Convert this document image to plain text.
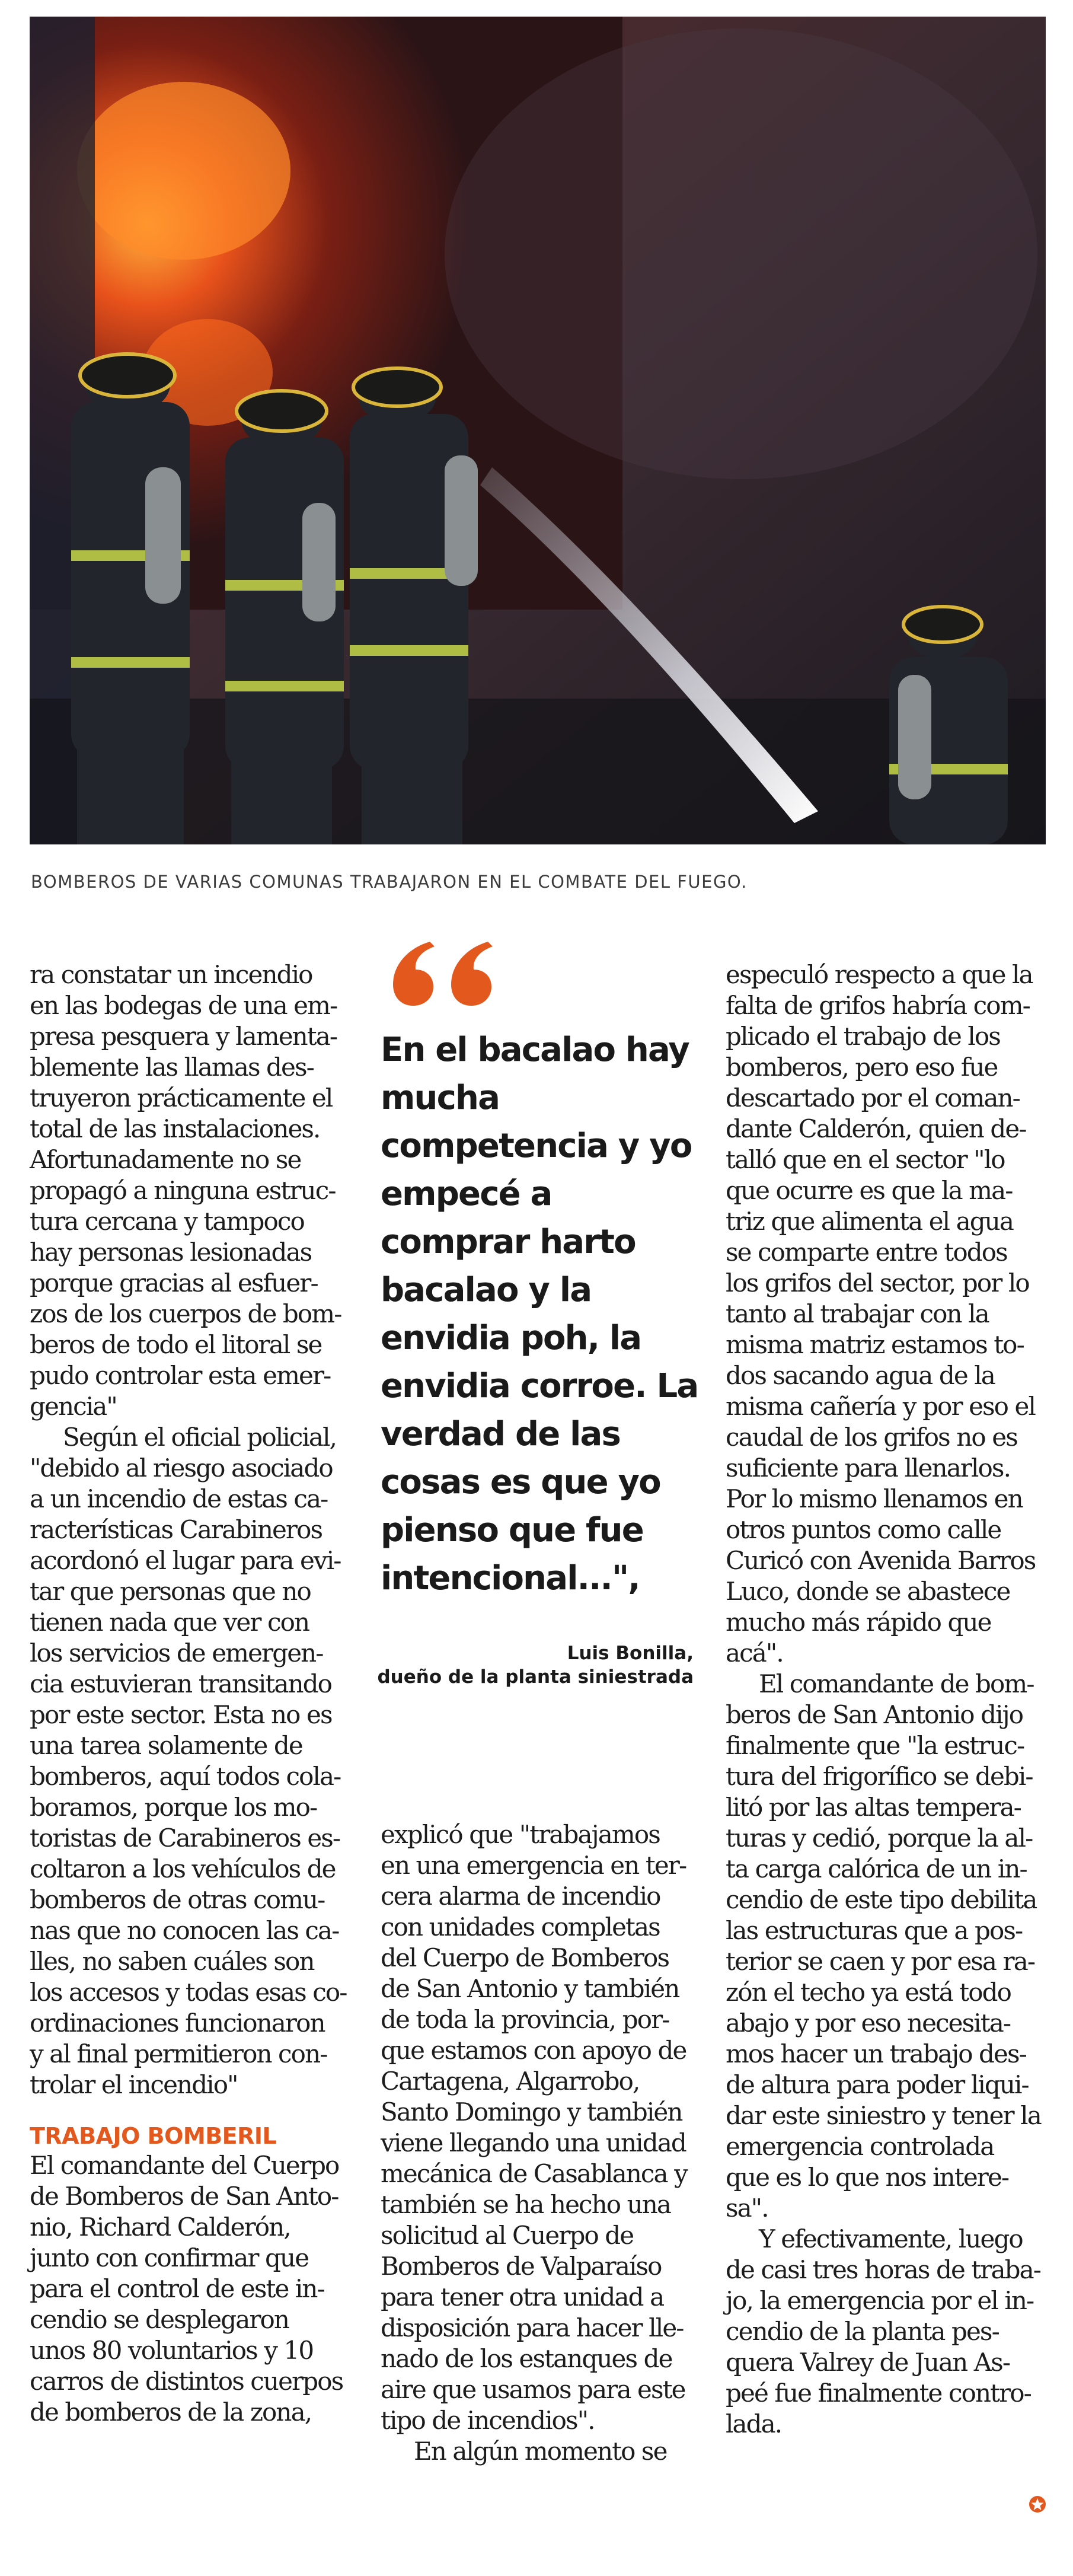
BOMBEROS DE VARIAS COMUNAS TRABAJARON EN EL COMBATE DEL FUEGO.

ra constatar un incendio
en las bodegas de una em-
presa pesquera y lamenta-
blemente las llamas des-
truyeron prácticamente el
total de las instalaciones.
Afortunadamente no se
propagó a ninguna estruc-
tura cercana y tampoco
hay personas lesionadas
porque gracias al esfuer-
zos de los cuerpos de bom-
beros de todo el litoral se
pudo controlar esta emer-
gencia"

Según el oficial policial,
"debido al riesgo asociado
a un incendio de estas ca-
racterísticas Carabineros
acordonó el lugar para evi-
tar que personas que no
tienen nada que ver con
los servicios de emergen-
cia estuvieran transitando
por este sector. Esta no es
una tarea solamente de
bomberos, aquí todos cola-
boramos, porque los mo-
toristas de Carabineros es-
coltaron a los vehículos de
bomberos de otras comu-
nas que no conocen las ca-
lles, no saben cuáles son
los accesos y todas esas co-
ordinaciones funcionaron
y al final permitieron con-
trolar el incendio"

TRABAJO BOMBERIL

El comandante del Cuerpo
de Bomberos de San Anto-
nio, Richard Calderón,
junto con confirmar que
para el control de este in-
cendio se desplegaron
unos 80 voluntarios y 10
carros de distintos cuerpos
de bomberos de la zona,

En el bacalao hay
mucha
competencia y yo
empecé a
comprar harto
bacalao y la
envidia poh, la
envidia corroe. La
verdad de las
cosas es que yo
pienso que fue
intencional...",
Luis Bonilla,
dueño de la planta siniestrada

explicó que "trabajamos
en una emergencia en ter-
cera alarma de incendio
con unidades completas
del Cuerpo de Bomberos
de San Antonio y también
de toda la provincia, por-
que estamos con apoyo de
Cartagena, Algarrobo,
Santo Domingo y también
viene llegando una unidad
mecánica de Casablanca y
también se ha hecho una
solicitud al Cuerpo de
Bomberos de Valparaíso
para tener otra unidad a
disposición para hacer lle-
nado de los estanques de
aire que usamos para este
tipo de incendios".

En algún momento se

especuló respecto a que la
falta de grifos habría com-
plicado el trabajo de los
bomberos, pero eso fue
descartado por el coman-
dante Calderón, quien de-
talló que en el sector "lo
que ocurre es que la ma-
triz que alimenta el agua
se comparte entre todos
los grifos del sector, por lo
tanto al trabajar con la
misma matriz estamos to-
dos sacando agua de la
misma cañería y por eso el
caudal de los grifos no es
suficiente para llenarlos.
Por lo mismo llenamos en
otros puntos como calle
Curicó con Avenida Barros
Luco, donde se abastece
mucho más rápido que
acá".

El comandante de bom-
beros de San Antonio dijo
finalmente que "la estruc-
tura del frigorífico se debi-
litó por las altas tempera-
turas y cedió, porque la al-
ta carga calórica de un in-
cendio de este tipo debilita
las estructuras que a pos-
terior se caen y por esa ra-
zón el techo ya está todo
abajo y por eso necesita-
mos hacer un trabajo des-
de altura para poder liqui-
dar este siniestro y tener la
emergencia controlada
que es lo que nos intere-
sa".

Y efectivamente, luego
de casi tres horas de traba-
jo, la emergencia por el in-
cendio de la planta pes-
quera Valrey de Juan As-
peé fue finalmente contro-
lada.
